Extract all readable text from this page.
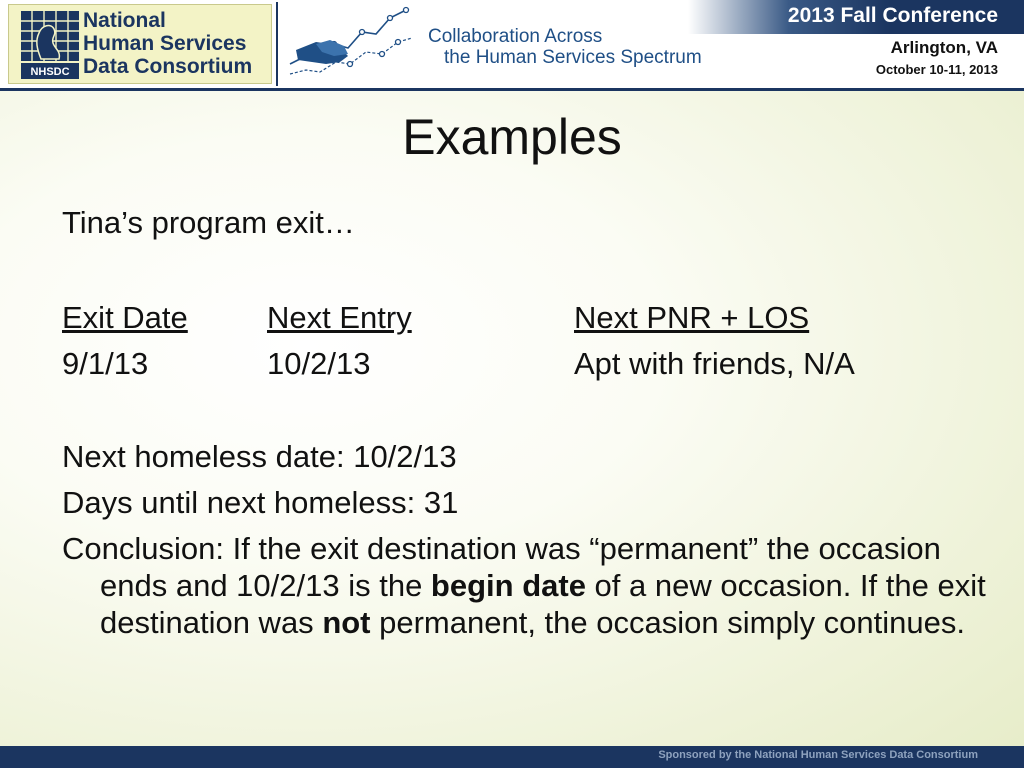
NHSDC
National
Human Services
Data Consortium
Collaboration Across
the Human Services Spectrum
2013 Fall Conference
Arlington, VA
October 10-11, 2013
Examples
Tina’s program exit…
Exit Date	Next Entry	Next PNR + LOS
9/1/13	10/2/13	Apt with friends, N/A
Next homeless date: 10/2/13
Days until next homeless: 31
Conclusion: If the exit destination was “permanent” the occasion ends and 10/2/13 is the begin date of a new occasion. If the exit destination was not permanent, the occasion simply continues.
Sponsored by the National Human Services Data Consortium
